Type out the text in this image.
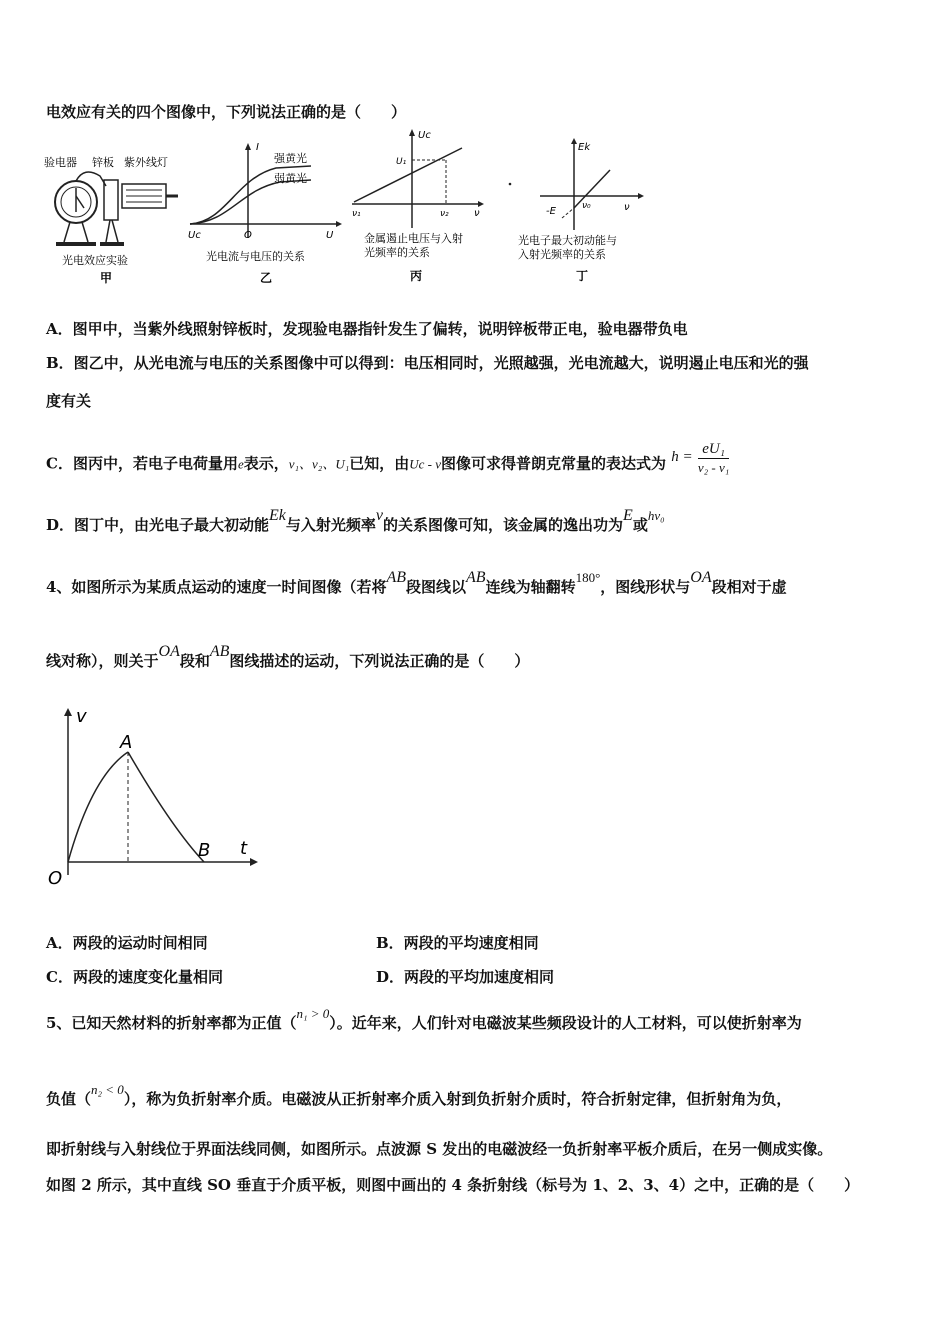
电效应有关的四个图像中，下列说法正确的是（　　）
验电器 锌板 紫外线灯
光电效应实验
甲
I
强黄光
弱黄光
Uc	O	U
光电流与电压的关系
乙
Uc
U₁
ν₁	ν₂	ν
金属遏止电压与入射
光频率的关系
丙
Ek
-E	ν₀	ν
光电子最大初动能与
入射光频率的关系
丁
A．图甲中，当紫外线照射锌板时，发现验电器指针发生了偏转，说明锌板带正电，验电器带负电
B．图乙中，从光电流与电压的关系图像中可以得到：电压相同时，光照越强，光电流越大，说明遏止电压和光的强
度有关
C．图丙中，若电子电荷量用e表示，ν₁、ν₂、U₁已知，由Uc - ν图像可求得普朗克常量的表达式为 $h = \frac{\text{eU₁}}{\text{ν₂ - ν₁}}$
D．图丁中，由光电子最大初动能Ek与入射光频率ν的关系图像可知，该金属的逸出功为E或hν₀
4、如图所示为某质点运动的速度一时间图像（若将AB段图线以AB连线为轴翻转180°，图线形状与OA段相对于虚
线对称），则关于OA段和AB图线描述的运动，下列说法正确的是（　　）
v
t
O
A
B
A．两段的运动时间相同	B．两段的平均速度相同
C．两段的速度变化量相同	D．两段的平均加速度相同
5、已知天然材料的折射率都为正值（n₁ > 0）。近年来，人们针对电磁波某些频段设计的人工材料，可以使折射率为
负值（n₂ < 0），称为负折射率介质。电磁波从正折射率介质入射到负折射介质时，符合折射定律，但折射角为负，
即折射线与入射线位于界面法线同侧，如图所示。点波源 S 发出的电磁波经一负折射率平板介质后，在另一侧成实像。
如图 2 所示，其中直线 SO 垂直于介质平板，则图中画出的 4 条折射线（标号为 1、2、3、4）之中，正确的是（　　）
